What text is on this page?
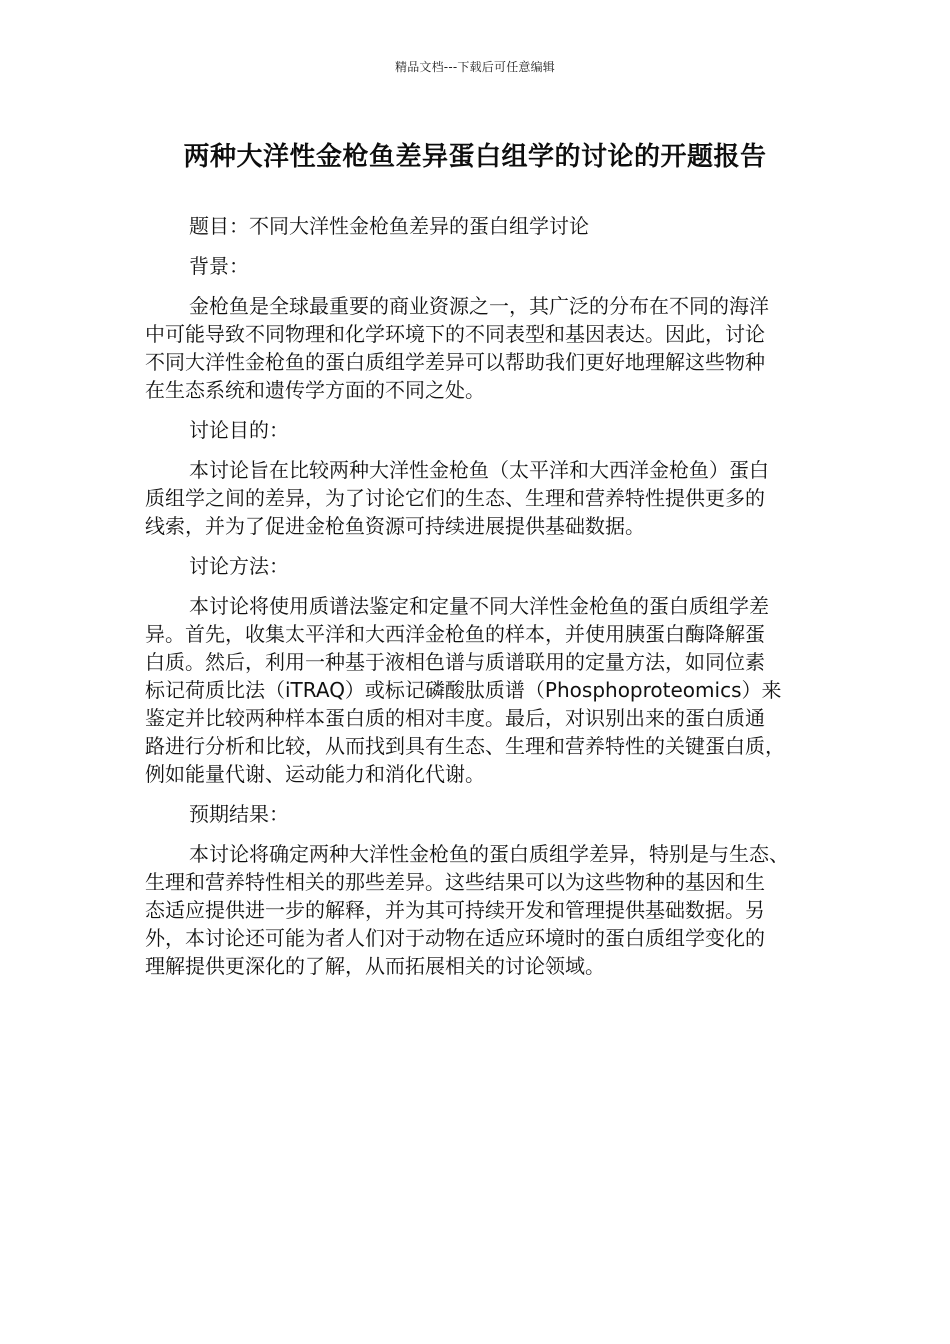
精品文档---下载后可任意编辑
两种大洋性金枪鱼差异蛋白组学的讨论的开题报告
题目：不同大洋性金枪鱼差异的蛋白组学讨论
背景：
金枪鱼是全球最重要的商业资源之一，其广泛的分布在不同的海洋
中可能导致不同物理和化学环境下的不同表型和基因表达。因此，讨论
不同大洋性金枪鱼的蛋白质组学差异可以帮助我们更好地理解这些物种
在生态系统和遗传学方面的不同之处。
讨论目的：
本讨论旨在比较两种大洋性金枪鱼（太平洋和大西洋金枪鱼）蛋白
质组学之间的差异，为了讨论它们的生态、生理和营养特性提供更多的
线索，并为了促进金枪鱼资源可持续进展提供基础数据。
讨论方法：
本讨论将使用质谱法鉴定和定量不同大洋性金枪鱼的蛋白质组学差
异。首先，收集太平洋和大西洋金枪鱼的样本，并使用胰蛋白酶降解蛋
白质。然后，利用一种基于液相色谱与质谱联用的定量方法，如同位素
标记荷质比法（iTRAQ）或标记磷酸肽质谱（Phosphoproteomics）来
鉴定并比较两种样本蛋白质的相对丰度。最后，对识别出来的蛋白质通
路进行分析和比较，从而找到具有生态、生理和营养特性的关键蛋白质，
例如能量代谢、运动能力和消化代谢。
预期结果：
本讨论将确定两种大洋性金枪鱼的蛋白质组学差异，特别是与生态、
生理和营养特性相关的那些差异。这些结果可以为这些物种的基因和生
态适应提供进一步的解释，并为其可持续开发和管理提供基础数据。另
外，本讨论还可能为者人们对于动物在适应环境时的蛋白质组学变化的
理解提供更深化的了解，从而拓展相关的讨论领域。
